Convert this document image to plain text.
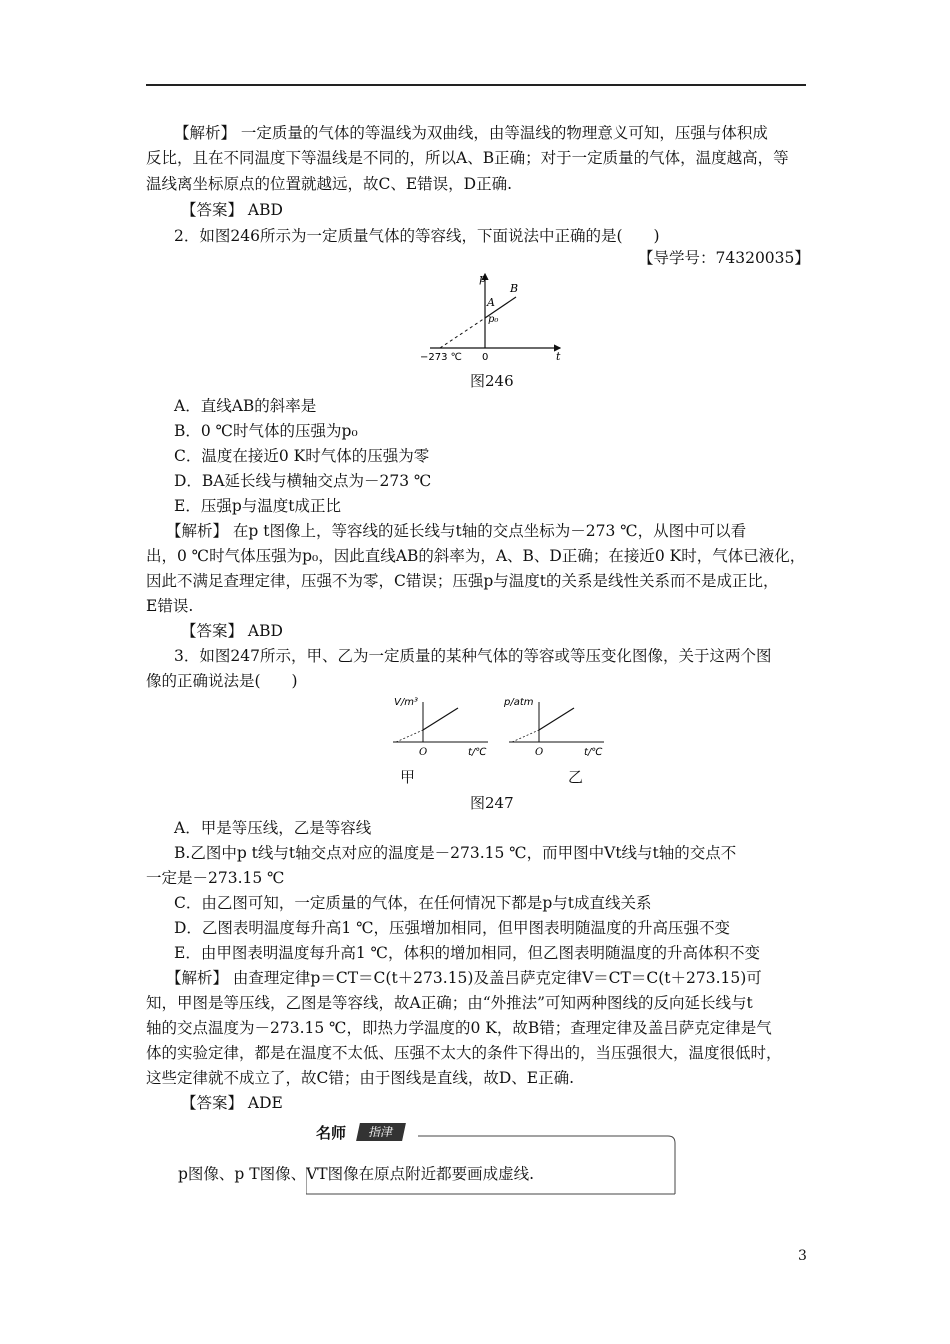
【解析】 一定质量的气体的等温线为双曲线，由等温线的物理意义可知，压强与体积成
反比，且在不同温度下等温线是不同的，所以A、B正确；对于一定质量的气体，温度越高，等
温线离坐标原点的位置就越远，故C、E错误，D正确.
【答案】 ABD
2．如图246所示为一定质量气体的等容线，下面说法中正确的是(　　)
【导学号：74320035】
A．直线AB的斜率是
B．0 ℃时气体的压强为p₀
C．温度在接近0 K时气体的压强为零
D．BA延长线与横轴交点为－273 ℃
E．压强p与温度t成正比
【解析】 在p t图像上，等容线的延长线与t轴的交点坐标为－273 ℃，从图中可以看
出，0 ℃时气体压强为p₀，因此直线AB的斜率为，A、B、D正确；在接近0 K时，气体已液化，
因此不满足查理定律，压强不为零，C错误；压强p与温度t的关系是线性关系而不是成正比，
E错误.
【答案】 ABD
3．如图247所示，甲、乙为一定质量的某种气体的等容或等压变化图像，关于这两个图
像的正确说法是(　　)
A．甲是等压线，乙是等容线
B.乙图中p t线与t轴交点对应的温度是－273.15 ℃，而甲图中Vt线与t轴的交点不
一定是－273.15 ℃
C．由乙图可知，一定质量的气体，在任何情况下都是p与t成直线关系
D．乙图表明温度每升高1 ℃，压强增加相同，但甲图表明随温度的升高压强不变
E．由甲图表明温度每升高1 ℃，体积的增加相同，但乙图表明随温度的升高体积不变
【解析】 由查理定律p＝CT＝C(t＋273.15)及盖吕萨克定律V＝CT＝C(t＋273.15)可
知，甲图是等压线，乙图是等容线，故A正确；由“外推法”可知两种图线的反向延长线与t
轴的交点温度为－273.15 ℃，即热力学温度的0 K，故B错；查理定律及盖吕萨克定律是气
体的实验定律，都是在温度不太低、压强不太大的条件下得出的，当压强很大，温度很低时，
这些定律就不成立了，故C错；由于图线是直线，故D、E正确.
【答案】 ADE
p图像、p T图像、VT图像在原点附近都要画成虚线.
p
B
A
p₀
−273 ℃ 0	t
图246
V/m³
O	t/℃
甲
p/atm
O	t/℃
乙
图247
名师	指津
3
